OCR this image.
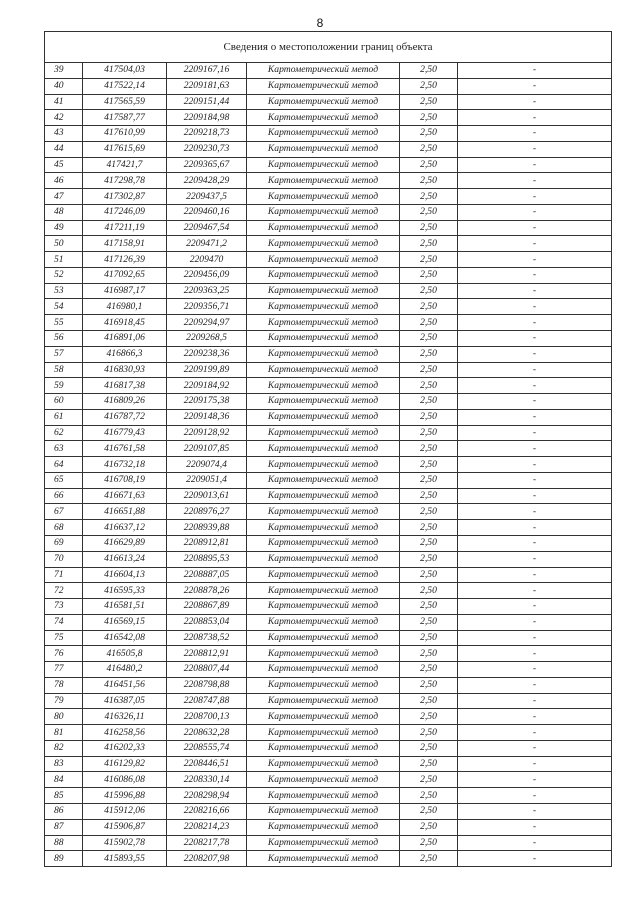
8
Сведения о местоположении границ объекта					
39	417504,03	2209167,16	Картометрический метод	2,50	-
40	417522,14	2209181,63	Картометрический метод	2,50	-
41	417565,59	2209151,44	Картометрический метод	2,50	-
42	417587,77	2209184,98	Картометрический метод	2,50	-
43	417610,99	2209218,73	Картометрический метод	2,50	-
44	417615,69	2209230,73	Картометрический метод	2,50	-
45	417421,7	2209365,67	Картометрический метод	2,50	-
46	417298,78	2209428,29	Картометрический метод	2,50	-
47	417302,87	2209437,5	Картометрический метод	2,50	-
48	417246,09	2209460,16	Картометрический метод	2,50	-
49	417211,19	2209467,54	Картометрический метод	2,50	-
50	417158,91	2209471,2	Картометрический метод	2,50	-
51	417126,39	2209470	Картометрический метод	2,50	-
52	417092,65	2209456,09	Картометрический метод	2,50	-
53	416987,17	2209363,25	Картометрический метод	2,50	-
54	416980,1	2209356,71	Картометрический метод	2,50	-
55	416918,45	2209294,97	Картометрический метод	2,50	-
56	416891,06	2209268,5	Картометрический метод	2,50	-
57	416866,3	2209238,36	Картометрический метод	2,50	-
58	416830,93	2209199,89	Картометрический метод	2,50	-
59	416817,38	2209184,92	Картометрический метод	2,50	-
60	416809,26	2209175,38	Картометрический метод	2,50	-
61	416787,72	2209148,36	Картометрический метод	2,50	-
62	416779,43	2209128,92	Картометрический метод	2,50	-
63	416761,58	2209107,85	Картометрический метод	2,50	-
64	416732,18	2209074,4	Картометрический метод	2,50	-
65	416708,19	2209051,4	Картометрический метод	2,50	-
66	416671,63	2209013,61	Картометрический метод	2,50	-
67	416651,88	2208976,27	Картометрический метод	2,50	-
68	416637,12	2208939,88	Картометрический метод	2,50	-
69	416629,89	2208912,81	Картометрический метод	2,50	-
70	416613,24	2208895,53	Картометрический метод	2,50	-
71	416604,13	2208887,05	Картометрический метод	2,50	-
72	416595,33	2208878,26	Картометрический метод	2,50	-
73	416581,51	2208867,89	Картометрический метод	2,50	-
74	416569,15	2208853,04	Картометрический метод	2,50	-
75	416542,08	2208738,52	Картометрический метод	2,50	-
76	416505,8	2208812,91	Картометрический метод	2,50	-
77	416480,2	2208807,44	Картометрический метод	2,50	-
78	416451,56	2208798,88	Картометрический метод	2,50	-
79	416387,05	2208747,88	Картометрический метод	2,50	-
80	416326,11	2208700,13	Картометрический метод	2,50	-
81	416258,56	2208632,28	Картометрический метод	2,50	-
82	416202,33	2208555,74	Картометрический метод	2,50	-
83	416129,82	2208446,51	Картометрический метод	2,50	-
84	416086,08	2208330,14	Картометрический метод	2,50	-
85	415996,88	2208298,94	Картометрический метод	2,50	-
86	415912,06	2208216,66	Картометрический метод	2,50	-
87	415906,87	2208214,23	Картометрический метод	2,50	-
88	415902,78	2208217,78	Картометрический метод	2,50	-
89	415893,55	2208207,98	Картометрический метод	2,50	-
